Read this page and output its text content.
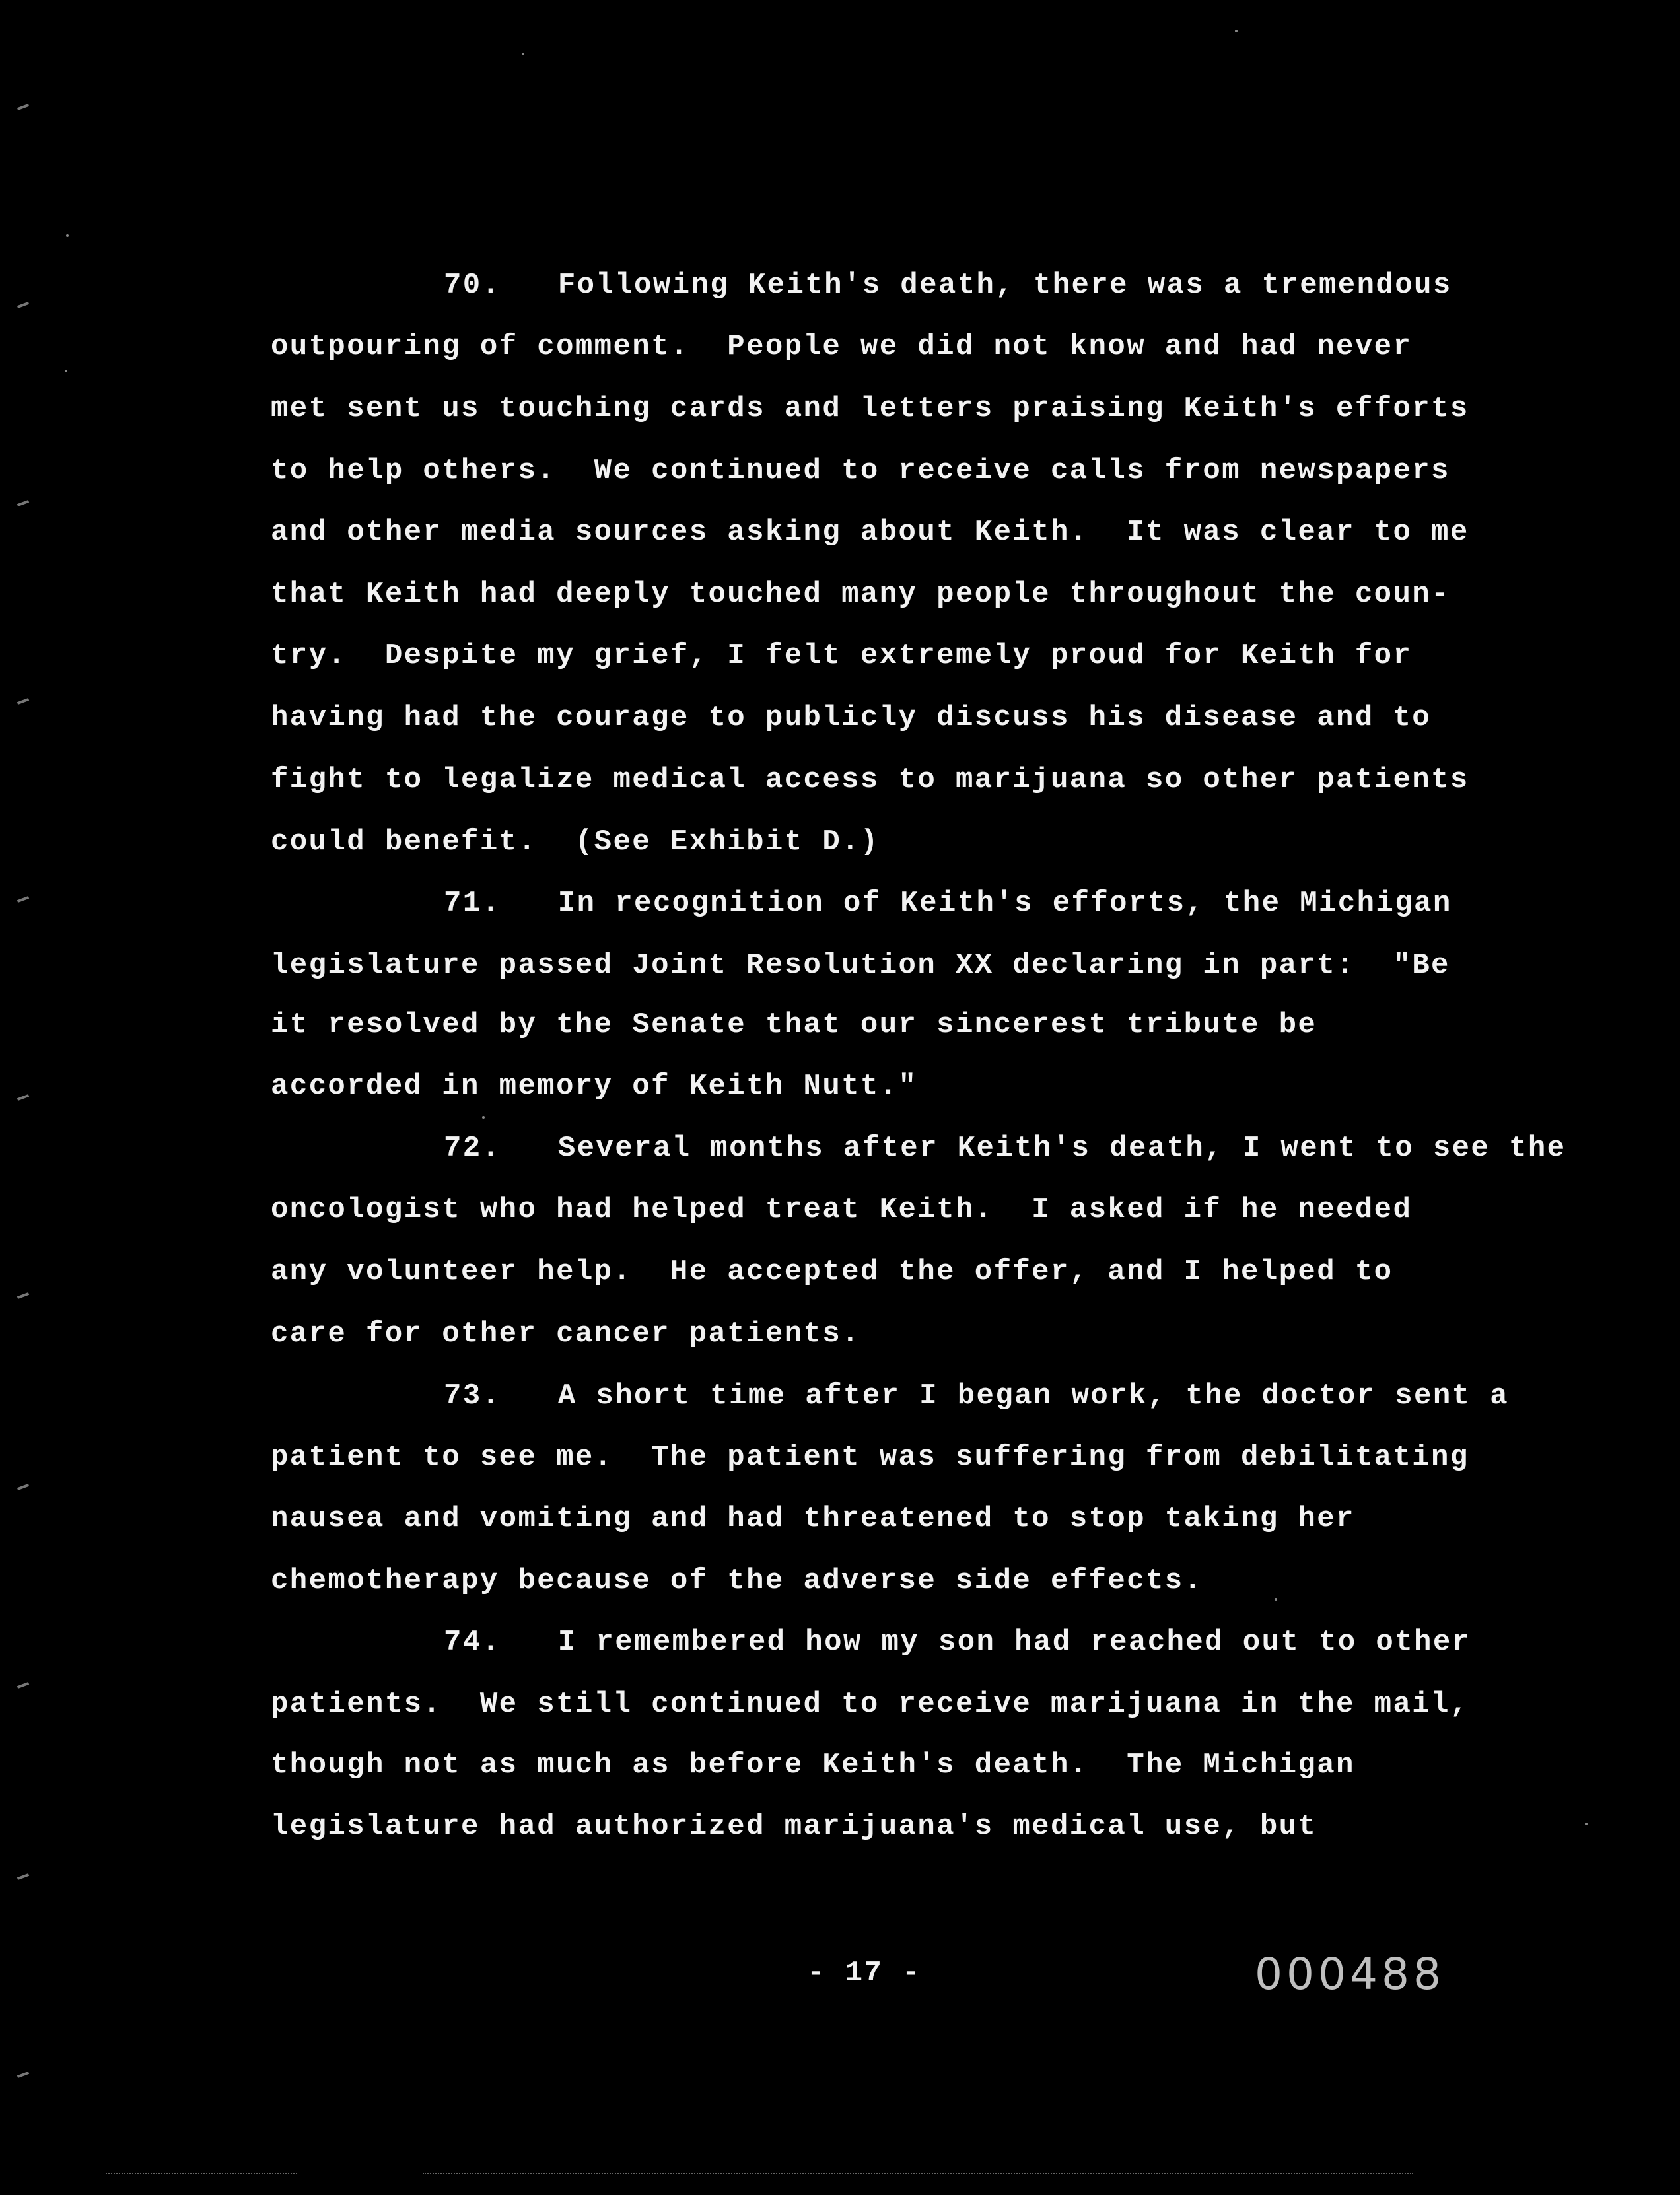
70.   Following Keith's death, there was a tremendous
outpouring of comment.  People we did not know and had never
met sent us touching cards and letters praising Keith's efforts
to help others.  We continued to receive calls from newspapers
and other media sources asking about Keith.  It was clear to me
that Keith had deeply touched many people throughout the coun-
try.  Despite my grief, I felt extremely proud for Keith for
having had the courage to publicly discuss his disease and to
fight to legalize medical access to marijuana so other patients
could benefit.  (See Exhibit D.)
71.   In recognition of Keith's efforts, the Michigan
legislature passed Joint Resolution XX declaring in part:  "Be
it resolved by the Senate that our sincerest tribute be
accorded in memory of Keith Nutt."
72.   Several months after Keith's death, I went to see the
oncologist who had helped treat Keith.  I asked if he needed
any volunteer help.  He accepted the offer, and I helped to
care for other cancer patients.
73.   A short time after I began work, the doctor sent a
patient to see me.  The patient was suffering from debilitating
nausea and vomiting and had threatened to stop taking her
chemotherapy because of the adverse side effects.
74.   I remembered how my son had reached out to other
patients.  We still continued to receive marijuana in the mail,
though not as much as before Keith's death.  The Michigan
legislature had authorized marijuana's medical use, but
- 17 -	000488
